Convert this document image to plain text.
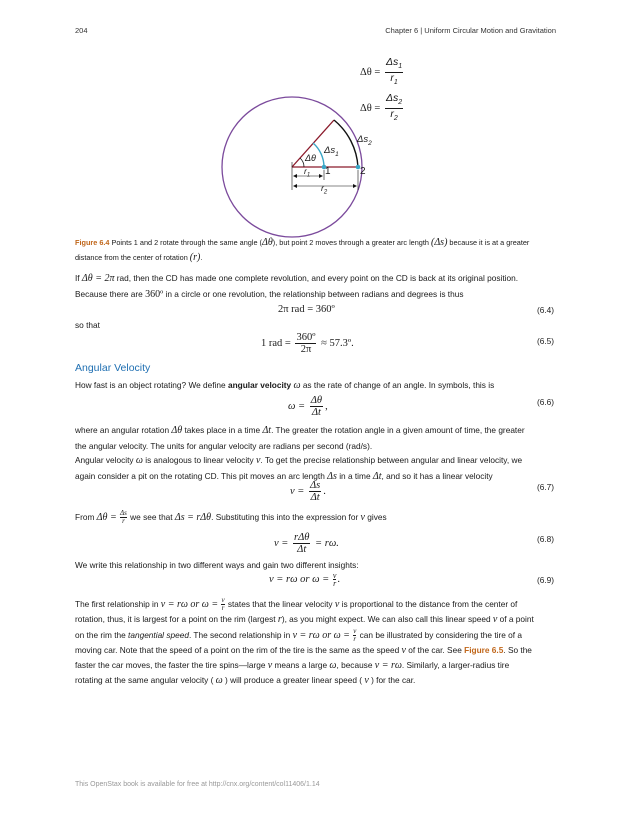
204	Chapter 6 | Uniform Circular Motion and Gravitation
$\Delta\theta = \frac{\Delta s_1}{r_1}$
$\Delta\theta = \frac{\Delta s_2}{r_2}$
$\Delta s_2$
$\Delta s_1$
Δθ
$r_1$ 1	2
$r_2$
Figure 6.4 Points 1 and 2 rotate through the same angle (Δθ), but point 2 moves through a greater arc length (Δs) because it is at a greater
distance from the center of rotation (r).
If Δθ = 2π rad, then the CD has made one complete revolution, and every point on the CD is back at its original position.
Because there are 360º in a circle or one revolution, the relationship between radians and degrees is thus
2π rad = 360º	(6.4)
so that
1 rad = $\frac{\text{360º}}{2\pi}$ ≈ 57.3º.	(6.5)
Angular Velocity
How fast is an object rotating? We define angular velocity ω as the rate of change of an angle. In symbols, this is
$\omega = \frac{\Delta\theta}{\Delta t}$ ,	(6.6)
where an angular rotation Δθ takes place in a time Δt. The greater the rotation angle in a given amount of time, the greater
the angular velocity. The units for angular velocity are radians per second (rad/s).
Angular velocity ω is analogous to linear velocity v. To get the precise relationship between angular and linear velocity, we
again consider a pit on the rotating CD. This pit moves an arc length Δs in a time Δt, and so it has a linear velocity
$v = \frac{\Delta s}{\Delta t}$ .	(6.7)
From $\Delta\theta = \frac{\Delta s}{r}$ we see that Δs = rΔθ. Substituting this into the expression for v gives
$v = \frac{\text{rΔθ}}{\Delta t} = r\omega$.	(6.8)
We write this relationship in two different ways and gain two different insights:
v = rω or $\omega = \frac{v}{r}$ .	(6.9)
The first relationship in v = rω or $\omega = \frac{v}{r}$ states that the linear velocity v is proportional to the distance from the center of
rotation, thus, it is largest for a point on the rim (largest r), as you might expect. We can also call this linear speed v of a point
on the rim the tangential speed. The second relationship in v = rω or $\omega = \frac{v}{r}$ can be illustrated by considering the tire of a
moving car. Note that the speed of a point on the rim of the tire is the same as the speed v of the car. See Figure 6.5. So the
faster the car moves, the faster the tire spins—large v means a large ω, because v = rω. Similarly, a larger-radius tire
rotating at the same angular velocity ( ω ) will produce a greater linear speed ( v ) for the car.
This OpenStax book is available for free at http://cnx.org/content/col11406/1.14
